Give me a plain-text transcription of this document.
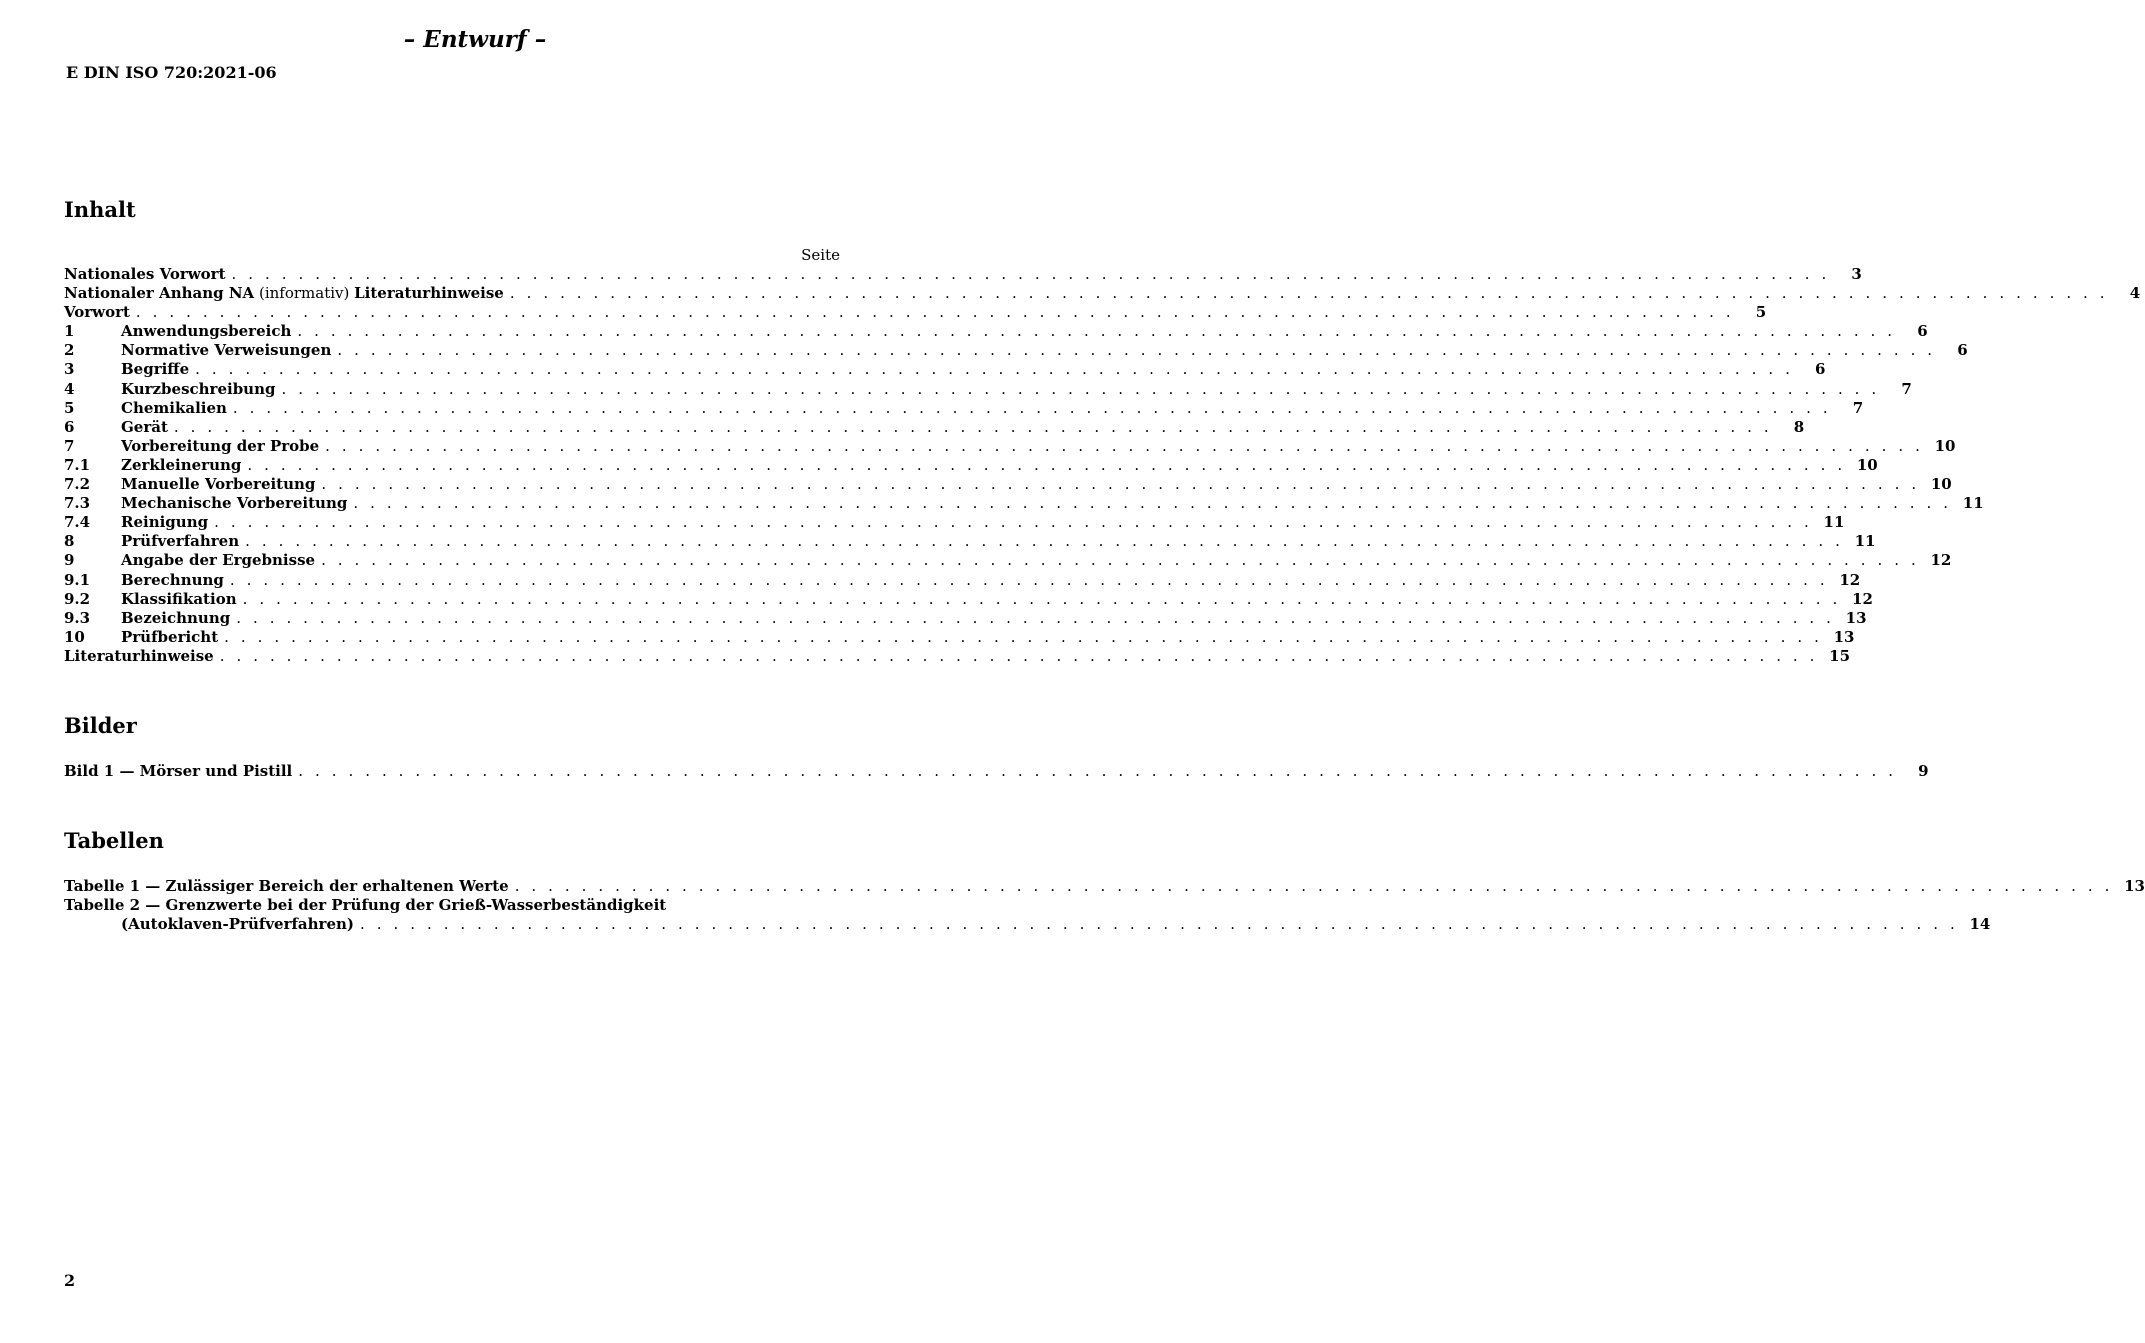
– Entwurf –
E DIN ISO 720:2021-06
Inhalt
Seite
Nationales Vorwort . . . . . . . . . . . . . . . . . . . . . . . . . . . . . . . . . . . . . . . . . . . . . . . . . . . . . . . . . . . . . . . . . . . . . . . . . . . . . . . . . . . . . . . . . . . . . . . .	3
Nationaler Anhang NA (informativ) Literaturhinweise . . . . . . . . . . . . . . . . . . . . . . . . . . . . . . . . . . . . . . . . . . . . . . . . . . . . . . . . . . . . . . . . . . . . . . . . . . . . . . . . . . . . . . . . . . . . . . . .	4
Vorwort . . . . . . . . . . . . . . . . . . . . . . . . . . . . . . . . . . . . . . . . . . . . . . . . . . . . . . . . . . . . . . . . . . . . . . . . . . . . . . . . . . . . . . . . . . . . . . . .	5
1	Anwendungsbereich . . . . . . . . . . . . . . . . . . . . . . . . . . . . . . . . . . . . . . . . . . . . . . . . . . . . . . . . . . . . . . . . . . . . . . . . . . . . . . . . . . . . . . . . . . . . . . . .	6
2	Normative Verweisungen . . . . . . . . . . . . . . . . . . . . . . . . . . . . . . . . . . . . . . . . . . . . . . . . . . . . . . . . . . . . . . . . . . . . . . . . . . . . . . . . . . . . . . . . . . . . . . . .	6
3	Begriffe . . . . . . . . . . . . . . . . . . . . . . . . . . . . . . . . . . . . . . . . . . . . . . . . . . . . . . . . . . . . . . . . . . . . . . . . . . . . . . . . . . . . . . . . . . . . . . . .	6
4	Kurzbeschreibung . . . . . . . . . . . . . . . . . . . . . . . . . . . . . . . . . . . . . . . . . . . . . . . . . . . . . . . . . . . . . . . . . . . . . . . . . . . . . . . . . . . . . . . . . . . . . . . .	7
5	Chemikalien . . . . . . . . . . . . . . . . . . . . . . . . . . . . . . . . . . . . . . . . . . . . . . . . . . . . . . . . . . . . . . . . . . . . . . . . . . . . . . . . . . . . . . . . . . . . . . . .	7
6	Gerät . . . . . . . . . . . . . . . . . . . . . . . . . . . . . . . . . . . . . . . . . . . . . . . . . . . . . . . . . . . . . . . . . . . . . . . . . . . . . . . . . . . . . . . . . . . . . . . .	8
7	Vorbereitung der Probe . . . . . . . . . . . . . . . . . . . . . . . . . . . . . . . . . . . . . . . . . . . . . . . . . . . . . . . . . . . . . . . . . . . . . . . . . . . . . . . . . . . . . . . . . . . . . . . . 10
7.1	Zerkleinerung . . . . . . . . . . . . . . . . . . . . . . . . . . . . . . . . . . . . . . . . . . . . . . . . . . . . . . . . . . . . . . . . . . . . . . . . . . . . . . . . . . . . . . . . . . . . . . . . 10
7.2	Manuelle Vorbereitung . . . . . . . . . . . . . . . . . . . . . . . . . . . . . . . . . . . . . . . . . . . . . . . . . . . . . . . . . . . . . . . . . . . . . . . . . . . . . . . . . . . . . . . . . . . . . . . . 10
7.3	Mechanische Vorbereitung . . . . . . . . . . . . . . . . . . . . . . . . . . . . . . . . . . . . . . . . . . . . . . . . . . . . . . . . . . . . . . . . . . . . . . . . . . . . . . . . . . . . . . . . . . . . . . . . 11
7.4	Reinigung . . . . . . . . . . . . . . . . . . . . . . . . . . . . . . . . . . . . . . . . . . . . . . . . . . . . . . . . . . . . . . . . . . . . . . . . . . . . . . . . . . . . . . . . . . . . . . . . 11
8	Prüfverfahren . . . . . . . . . . . . . . . . . . . . . . . . . . . . . . . . . . . . . . . . . . . . . . . . . . . . . . . . . . . . . . . . . . . . . . . . . . . . . . . . . . . . . . . . . . . . . . . . 11
9	Angabe der Ergebnisse . . . . . . . . . . . . . . . . . . . . . . . . . . . . . . . . . . . . . . . . . . . . . . . . . . . . . . . . . . . . . . . . . . . . . . . . . . . . . . . . . . . . . . . . . . . . . . . . 12
9.1	Berechnung . . . . . . . . . . . . . . . . . . . . . . . . . . . . . . . . . . . . . . . . . . . . . . . . . . . . . . . . . . . . . . . . . . . . . . . . . . . . . . . . . . . . . . . . . . . . . . . . 12
9.2	Klassifikation . . . . . . . . . . . . . . . . . . . . . . . . . . . . . . . . . . . . . . . . . . . . . . . . . . . . . . . . . . . . . . . . . . . . . . . . . . . . . . . . . . . . . . . . . . . . . . . . 12
9.3	Bezeichnung . . . . . . . . . . . . . . . . . . . . . . . . . . . . . . . . . . . . . . . . . . . . . . . . . . . . . . . . . . . . . . . . . . . . . . . . . . . . . . . . . . . . . . . . . . . . . . . . 13
10	Prüfbericht . . . . . . . . . . . . . . . . . . . . . . . . . . . . . . . . . . . . . . . . . . . . . . . . . . . . . . . . . . . . . . . . . . . . . . . . . . . . . . . . . . . . . . . . . . . . . . . . 13
Literaturhinweise . . . . . . . . . . . . . . . . . . . . . . . . . . . . . . . . . . . . . . . . . . . . . . . . . . . . . . . . . . . . . . . . . . . . . . . . . . . . . . . . . . . . . . . . . . . . . . . . 15
Bilder
Bild 1 — Mörser und Pistill . . . . . . . . . . . . . . . . . . . . . . . . . . . . . . . . . . . . . . . . . . . . . . . . . . . . . . . . . . . . . . . . . . . . . . . . . . . . . . . . . . . . . . . . . . . . . . . .	9
Tabellen
Tabelle 1 — Zulässiger Bereich der erhaltenen Werte . . . . . . . . . . . . . . . . . . . . . . . . . . . . . . . . . . . . . . . . . . . . . . . . . . . . . . . . . . . . . . . . . . . . . . . . . . . . . . . . . . . . . . . . . . . . . . . . 13
Tabelle 2 — Grenzwerte bei der Prüfung der Grieß-Wasserbeständigkeit
(Autoklaven-Prüfverfahren) . . . . . . . . . . . . . . . . . . . . . . . . . . . . . . . . . . . . . . . . . . . . . . . . . . . . . . . . . . . . . . . . . . . . . . . . . . . . . . . . . . . . . . . . . . . . . . . . 14
2
